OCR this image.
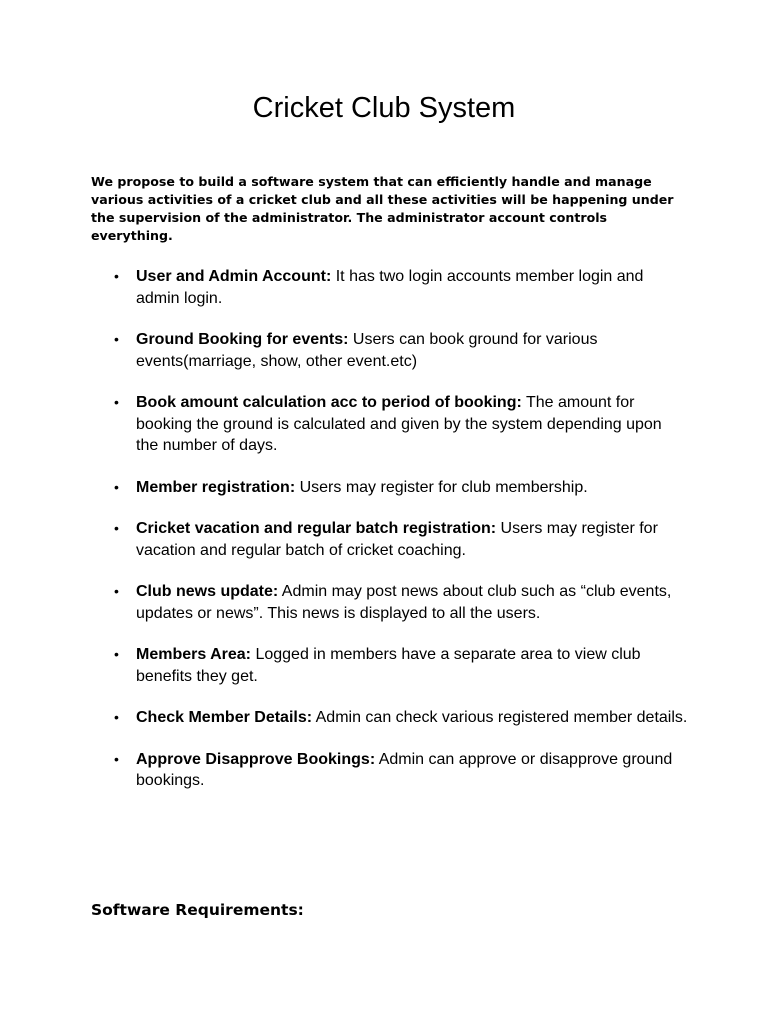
Cricket Club System

We propose to build a software system that can efficiently handle and manage various activities of a cricket club and all these activities will be happening under the supervision of the administrator. The administrator account controls everything.

• User and Admin Account: It has two login accounts member login and admin login.
• Ground Booking for events: Users can book ground for various events(marriage, show, other event.etc)
• Book amount calculation acc to period of booking: The amount for booking the ground is calculated and given by the system depending upon the number of days.
• Member registration: Users may register for club membership.
• Cricket vacation and regular batch registration: Users may register for vacation and regular batch of cricket coaching.
• Club news update: Admin may post news about club such as “club events, updates or news”. This news is displayed to all the users.
• Members Area: Logged in members have a separate area to view club benefits they get.
• Check Member Details: Admin can check various registered member details.
• Approve Disapprove Bookings: Admin can approve or disapprove ground bookings.
Software Requirements:
